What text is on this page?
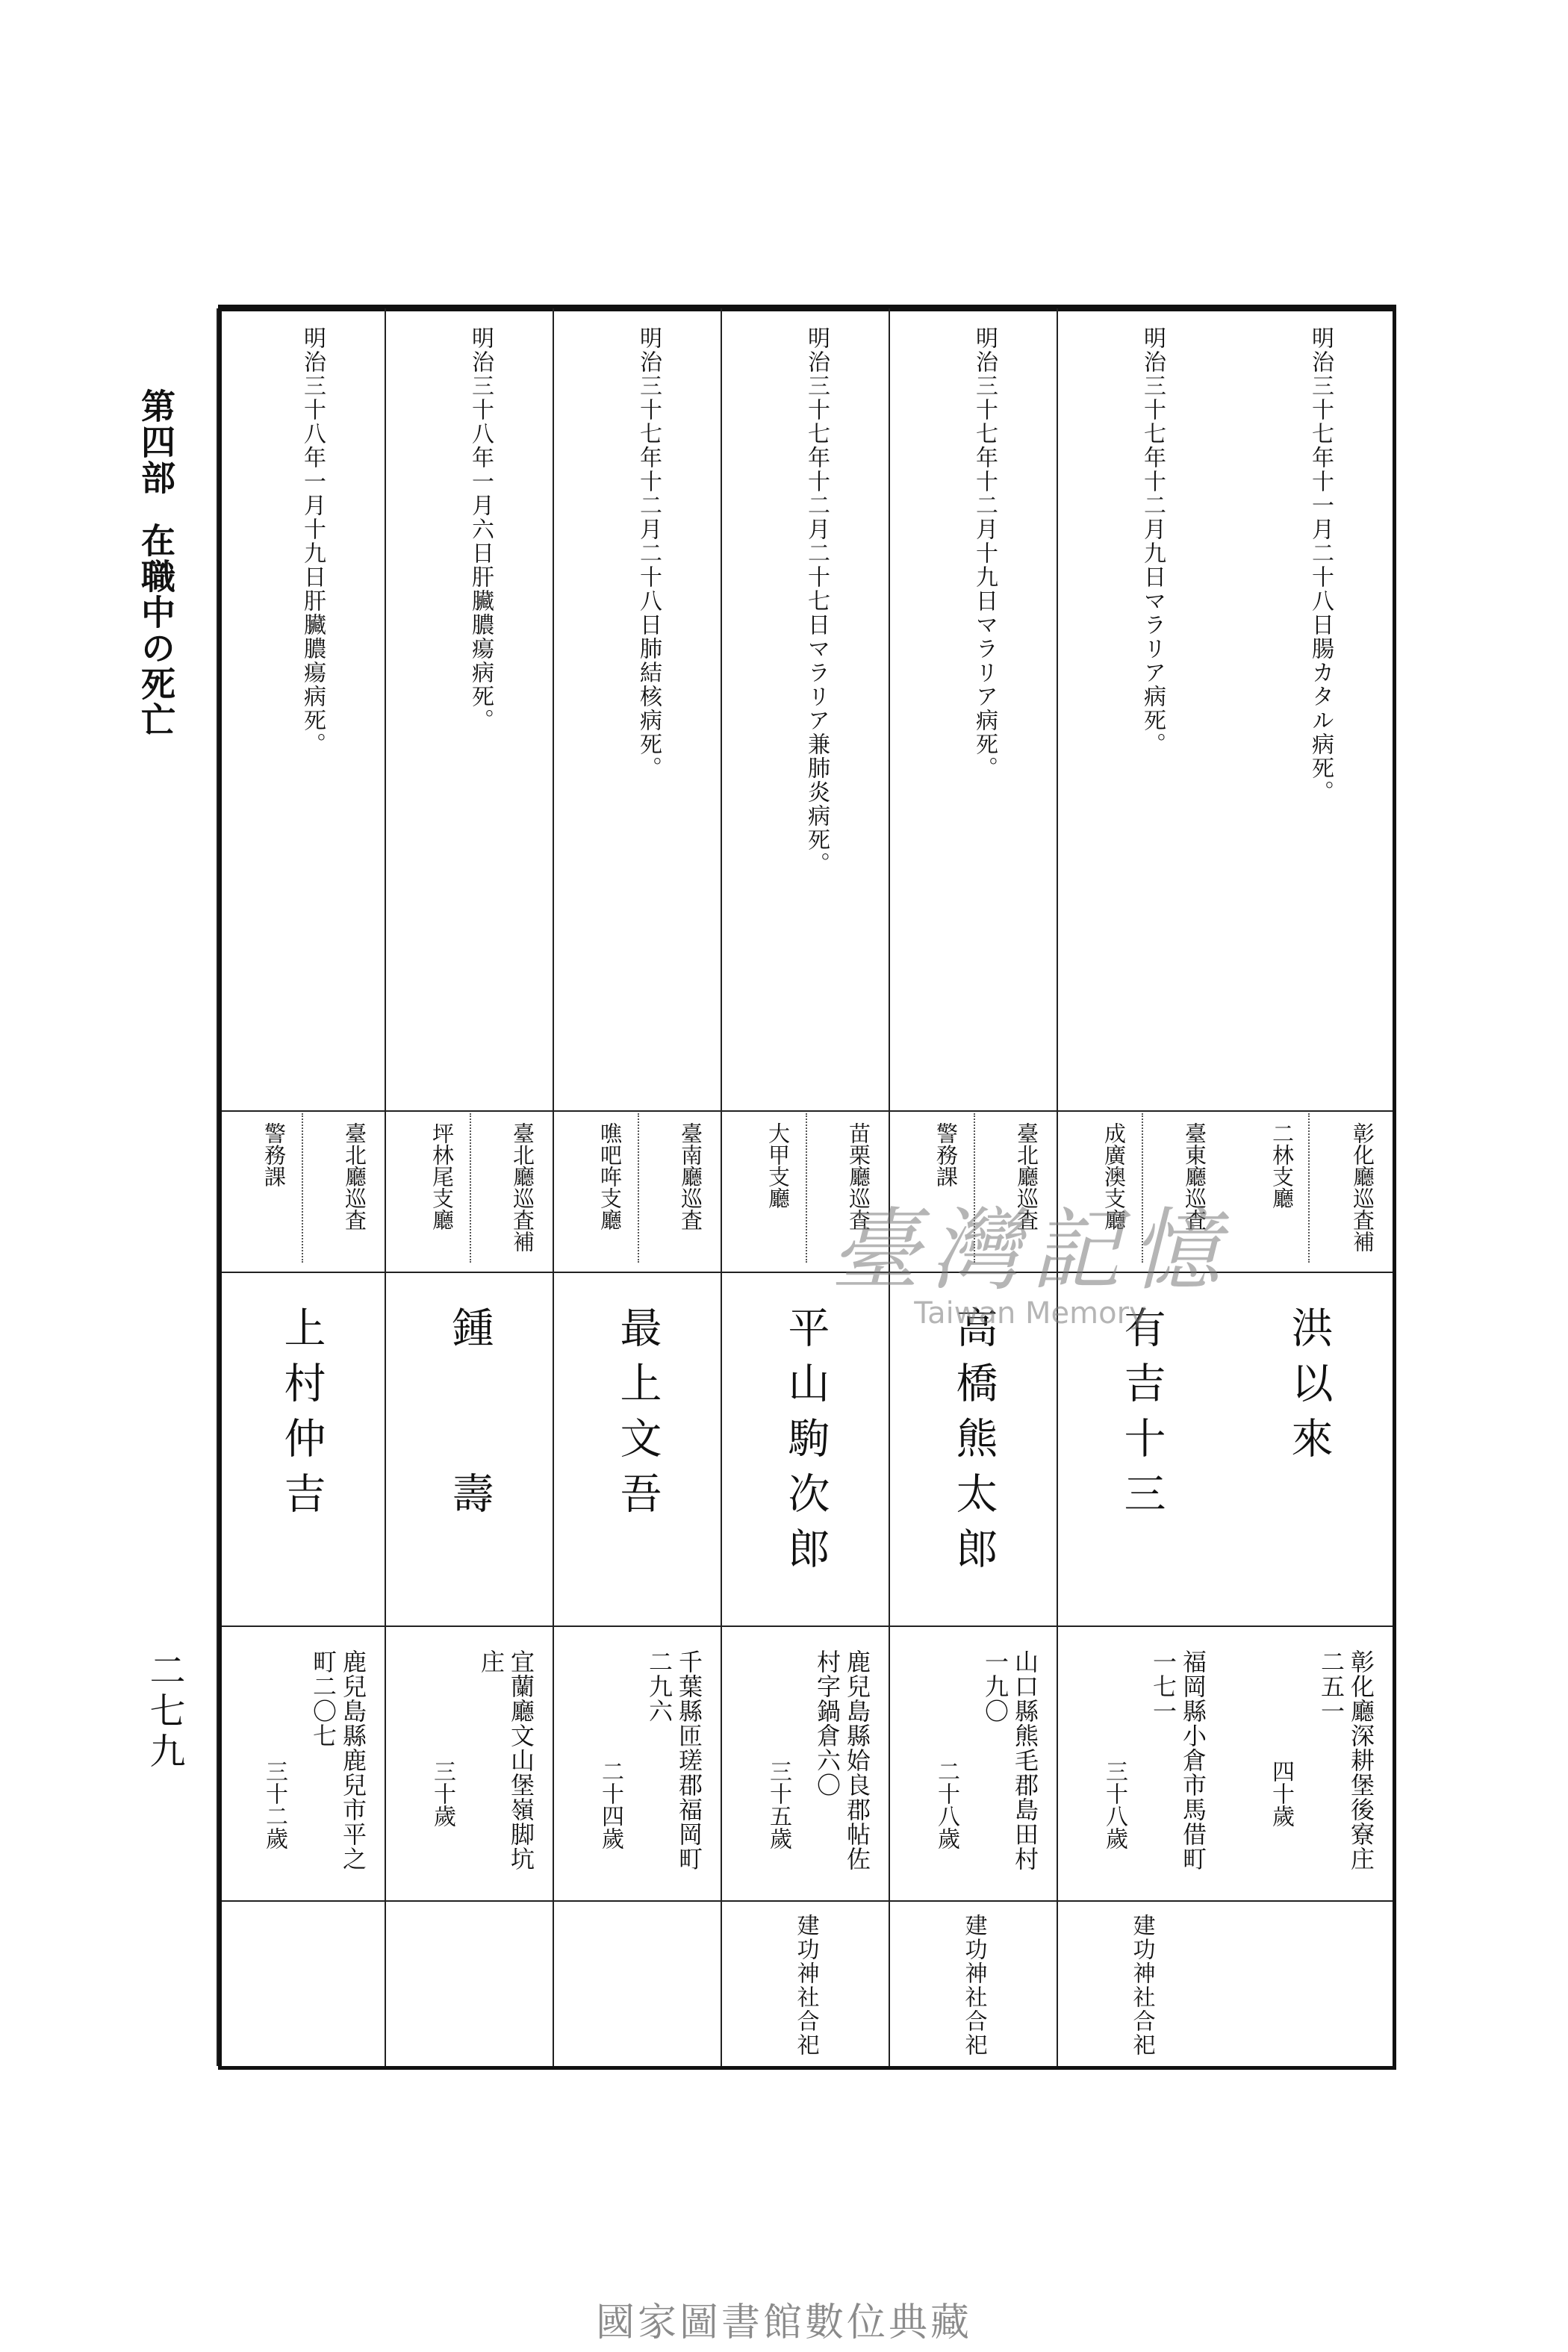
第四部在職中の死亡
二七九
明治三十七年十一月二十八日腸カタル病死。
彰化廳巡査補
二林支廳
洪以來
彰化廳深耕堡後寮庄
二五一
四十歲
明治三十七年十二月九日マラリア病死。
臺東廳巡査
成廣澳支廳
有吉十三
福岡縣小倉市馬借町
一七一
三十八歲
建功神社合祀
明治三十七年十二月十九日マラリア病死。
臺北廳巡査
警務課
高橋熊太郎
山口縣熊毛郡島田村
一九〇
二十八歲
建功神社合祀
明治三十七年十二月二十七日マラリア兼肺炎病死。
苗栗廳巡査
大甲支廳
平山駒次郎
鹿兒島縣姶良郡帖佐
村字鍋倉六〇
三十五歲
建功神社合祀
明治三十七年十二月二十八日肺結核病死。
臺南廳巡査
噍吧哖支廳
最上文吾
千葉縣匝瑳郡福岡町
二九六
二十四歲
明治三十八年一月六日肝臟膿瘍病死。
臺北廳巡査補
坪林尾支廳
鍾　　壽
宜蘭廳文山堡嶺脚坑
庄
三十歲
明治三十八年一月十九日肝臟膿瘍病死。
臺北廳巡査
警務課
上村仲吉
鹿兒島縣鹿兒市平之
町二〇七
三十二歲
臺灣記憶
Taiwan Memory
國家圖書館數位典藏
